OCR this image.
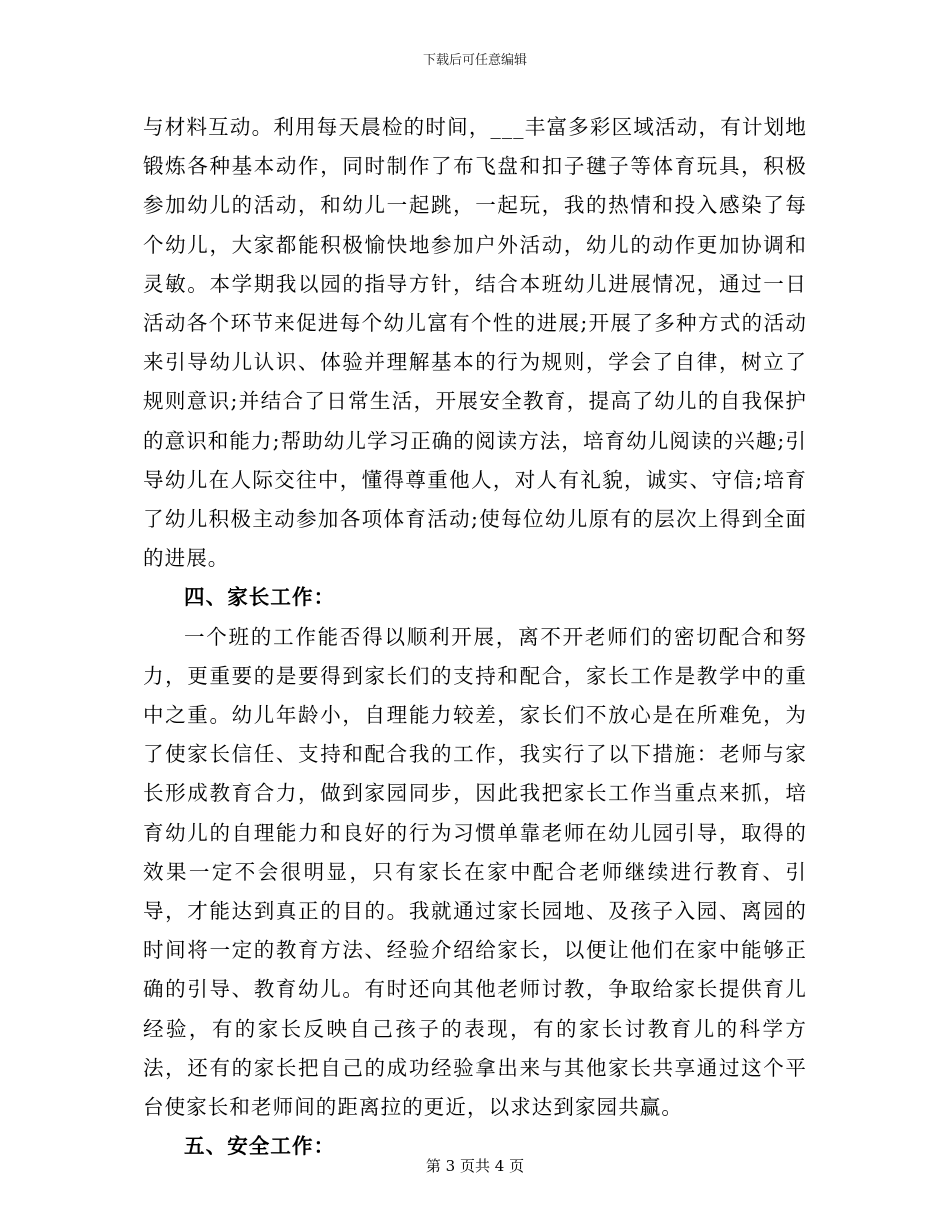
下载后可任意编辑

与材料互动。利用每天晨检的时间，___丰富多彩区域活动，有计划地锻炼各种基本动作，同时制作了布飞盘和扣子毽子等体育玩具，积极参加幼儿的活动，和幼儿一起跳，一起玩，我的热情和投入感染了每个幼儿，大家都能积极愉快地参加户外活动，幼儿的动作更加协调和灵敏。本学期我以园的指导方针，结合本班幼儿进展情况，通过一日活动各个环节来促进每个幼儿富有个性的进展;开展了多种方式的活动来引导幼儿认识、体验并理解基本的行为规则，学会了自律，树立了规则意识;并结合了日常生活，开展安全教育，提高了幼儿的自我保护的意识和能力;帮助幼儿学习正确的阅读方法，培育幼儿阅读的兴趣;引导幼儿在人际交往中，懂得尊重他人，对人有礼貌，诚实、守信;培育了幼儿积极主动参加各项体育活动;使每位幼儿原有的层次上得到全面的进展。

四、家长工作：

一个班的工作能否得以顺利开展，离不开老师们的密切配合和努力，更重要的是要得到家长们的支持和配合，家长工作是教学中的重中之重。幼儿年龄小，自理能力较差，家长们不放心是在所难免，为了使家长信任、支持和配合我的工作，我实行了以下措施：老师与家长形成教育合力，做到家园同步，因此我把家长工作当重点来抓，培育幼儿的自理能力和良好的行为习惯单靠老师在幼儿园引导，取得的效果一定不会很明显，只有家长在家中配合老师继续进行教育、引导，才能达到真正的目的。我就通过家长园地、及孩子入园、离园的时间将一定的教育方法、经验介绍给家长，以便让他们在家中能够正确的引导、教育幼儿。有时还向其他老师讨教，争取给家长提供育儿经验，有的家长反映自己孩子的表现，有的家长讨教育儿的科学方法，还有的家长把自己的成功经验拿出来与其他家长共享通过这个平台使家长和老师间的距离拉的更近，以求达到家园共赢。

五、安全工作：
第 3 页共 4 页
